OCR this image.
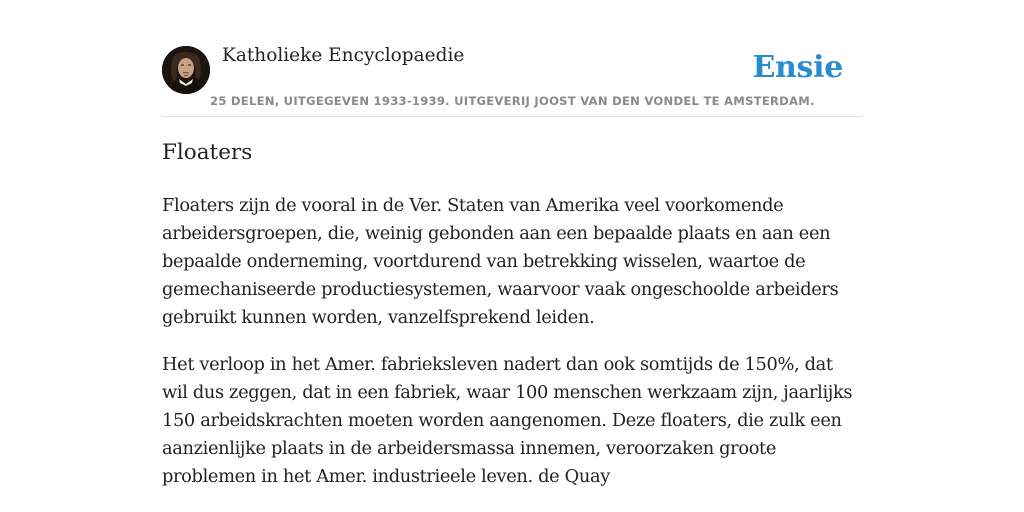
Katholieke Encyclopaedie	Ensie
25 DELEN, UITGEGEVEN 1933-1939. UITGEVERIJ JOOST VAN DEN VONDEL TE AMSTERDAM.
Floaters

Floaters zijn de vooral in de Ver. Staten van Amerika veel voorkomende arbeidersgroepen, die, weinig gebonden aan een bepaalde plaats en aan een bepaalde onderneming, voortdurend van betrekking wisselen, waartoe de gemechaniseerde productiesystemen, waarvoor vaak ongeschoolde arbeiders gebruikt kunnen worden, vanzelfsprekend leiden.

Het verloop in het Amer. fabrieksleven nadert dan ook somtijds de 150%, dat wil dus zeggen, dat in een fabriek, waar 100 menschen werkzaam zijn, jaarlijks 150 arbeidskrachten moeten worden aangenomen. Deze floaters, die zulk een aanzienlijke plaats in de arbeidersmassa innemen, veroorzaken groote problemen in het Amer. industrieele leven. de Quay
